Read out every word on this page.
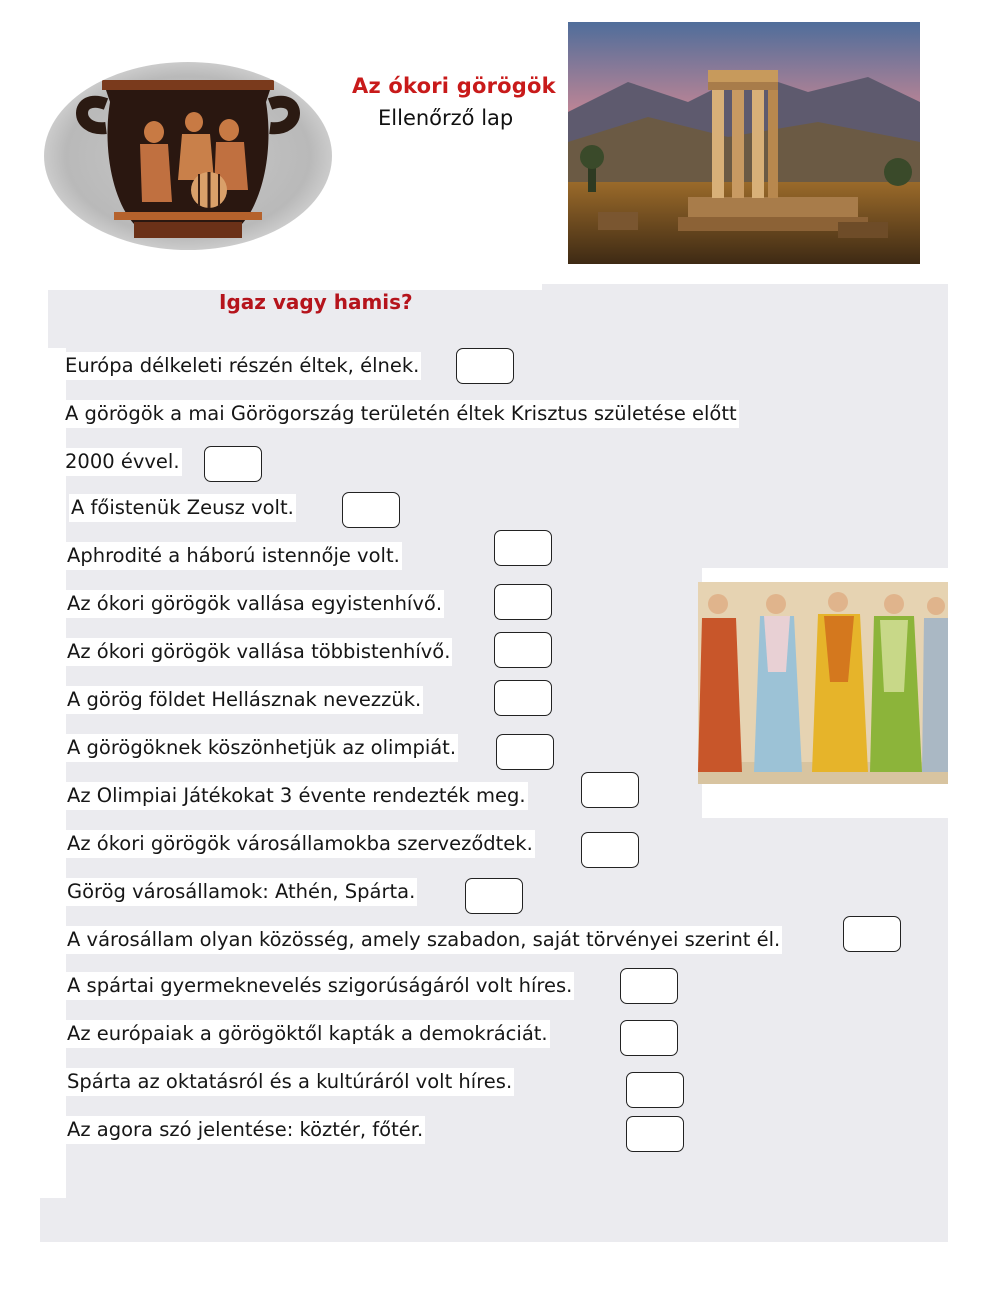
Az ókori görögök
Ellenőrző lap
Igaz vagy hamis?
Európa délkeleti részén éltek, élnek.
A görögök a mai Görögország területén éltek Krisztus születése előtt
2000 évvel.
A főistenük Zeusz volt.
Aphrodité a háború istennője volt.
Az ókori görögök vallása egyistenhívő.
Az ókori görögök vallása többistenhívő.
A görög földet Hellásznak nevezzük.
A görögöknek köszönhetjük az olimpiát.
Az Olimpiai Játékokat 3 évente rendezték meg.
Az ókori görögök városállamokba szerveződtek.
Görög városállamok: Athén, Spárta.
A városállam olyan közösség, amely szabadon, saját törvényei szerint él.
A spártai gyermeknevelés szigorúságáról volt híres.
Az európaiak a görögöktől kapták a demokráciát.
Spárta az oktatásról és a kultúráról volt híres.
Az agora szó jelentése: köztér, főtér.
